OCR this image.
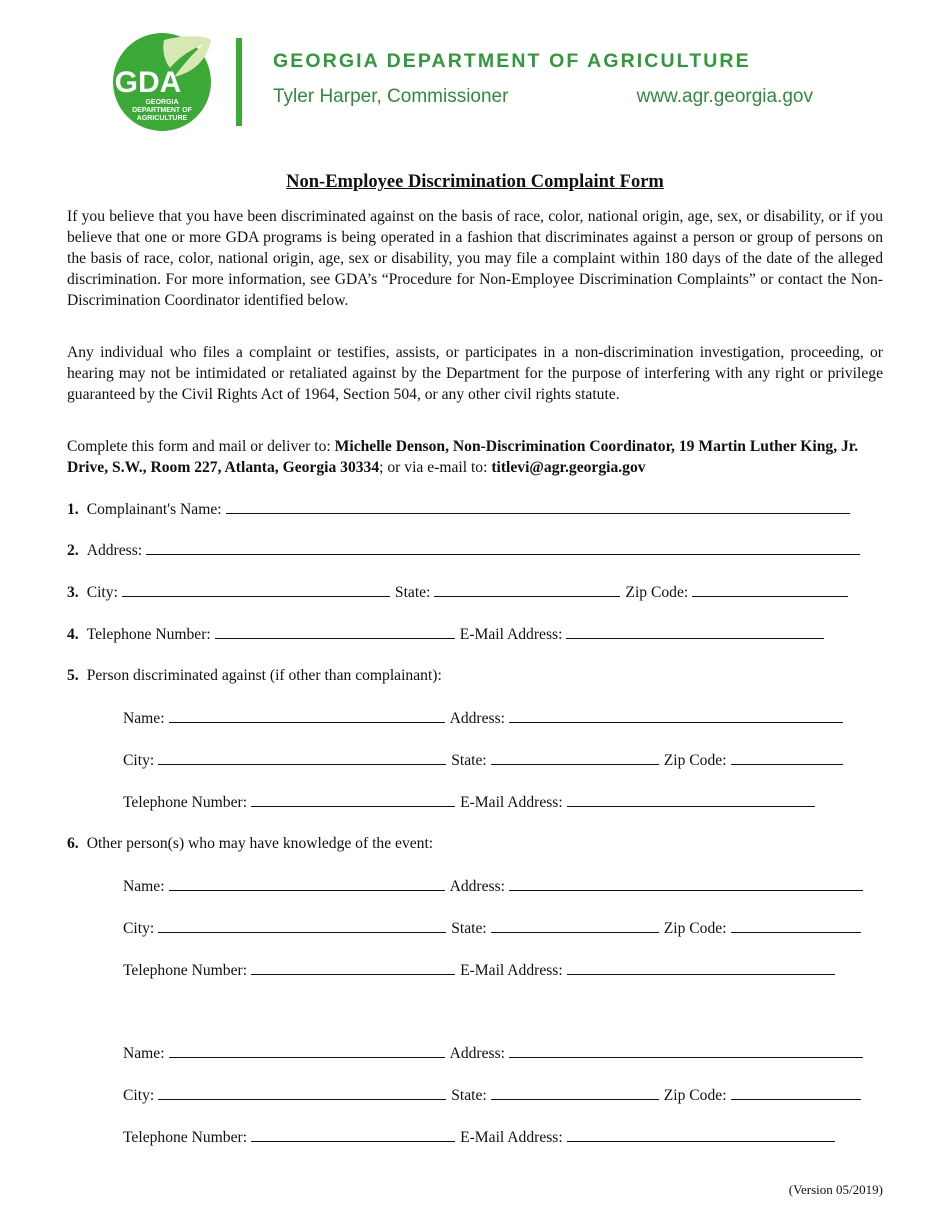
GDA
GEORGIA
DEPARTMENT OF
AGRICULTURE
GEORGIA DEPARTMENT OF AGRICULTURE
Tyler Harper, Commissioner	www.agr.georgia.gov
Non-Employee Discrimination Complaint Form
If you believe that you have been discriminated against on the basis of race, color, national origin, age, sex, or disability, or if you believe that one or more GDA programs is being operated in a fashion that discriminates against a person or group of persons on the basis of race, color, national origin, age, sex or disability, you may file a complaint within 180 days of the date of the alleged discrimination. For more information, see GDA’s “Procedure for Non-Employee Discrimination Complaints” or contact the Non-Discrimination Coordinator identified below.
Any individual who files a complaint or testifies, assists, or participates in a non-discrimination investigation, proceeding, or hearing may not be intimidated or retaliated against by the Department for the purpose of interfering with any right or privilege guaranteed by the Civil Rights Act of 1964, Section 504, or any other civil rights statute.
Complete this form and mail or deliver to: Michelle Denson, Non-Discrimination Coordinator, 19 Martin Luther King, Jr. Drive, S.W., Room 227, Atlanta, Georgia 30334; or via e-mail to: titlevi@agr.georgia.gov
1. Complainant's Name:
2. Address:
3. City:	State:	Zip Code:
4. Telephone Number:	E-Mail Address:
5. Person discriminated against (if other than complainant):
Name:	Address:
City:	State:	Zip Code:
Telephone Number:	E-Mail Address:
6. Other person(s) who may have knowledge of the event:
Name:	Address:
City:	State:	Zip Code:
Telephone Number:	E-Mail Address:
Name:	Address:
City:	State:	Zip Code:
Telephone Number:	E-Mail Address:
(Version 05/2019)
